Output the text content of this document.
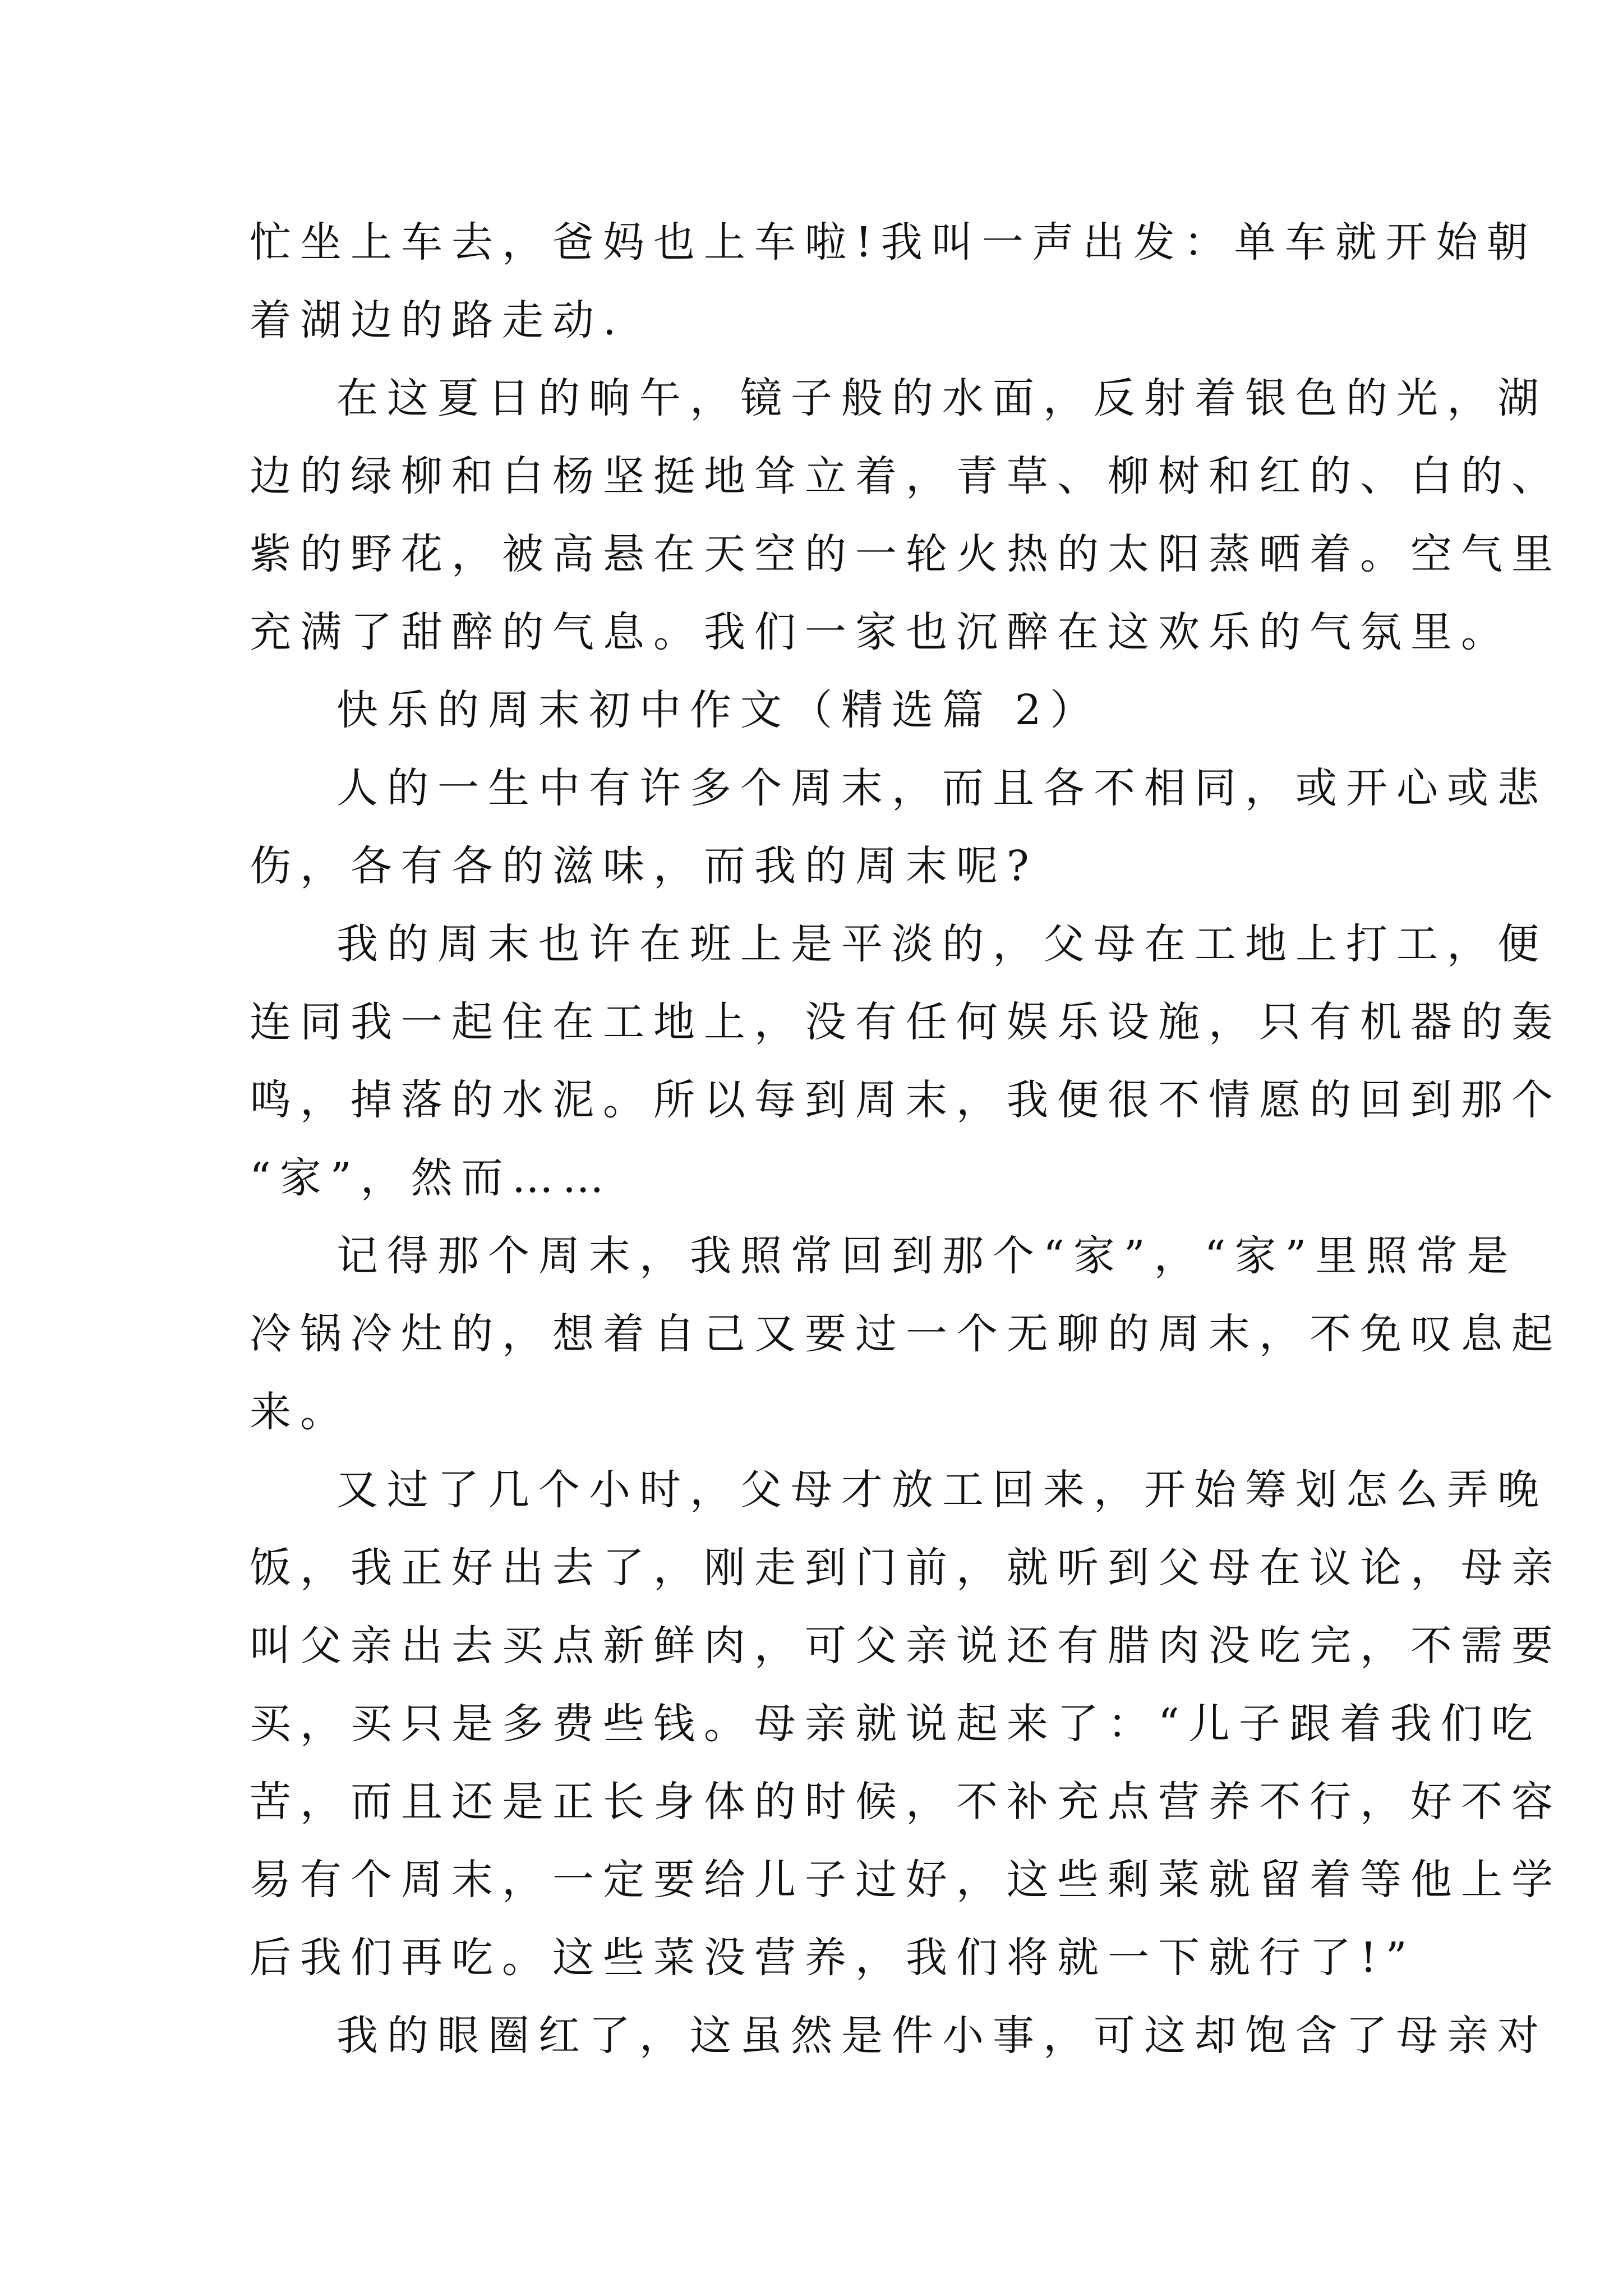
忙坐上车去，爸妈也上车啦!我叫一声出发：单车就开始朝

着湖边的路走动.

在这夏日的晌午，镜子般的水面，反射着银色的光，湖

边的绿柳和白杨坚挺地耸立着，青草、柳树和红的、白的、

紫的野花，被高悬在天空的一轮火热的太阳蒸晒着。空气里

充满了甜醉的气息。我们一家也沉醉在这欢乐的气氛里。

快乐的周末初中作文（精选篇 2）

人的一生中有许多个周末，而且各不相同，或开心或悲

伤，各有各的滋味，而我的周末呢?

我的周末也许在班上是平淡的，父母在工地上打工，便

连同我一起住在工地上，没有任何娱乐设施，只有机器的轰

鸣，掉落的水泥。所以每到周末，我便很不情愿的回到那个

“家”，然而……

记得那个周末，我照常回到那个“家”，“家”里照常是

冷锅冷灶的，想着自己又要过一个无聊的周末，不免叹息起

来。

又过了几个小时，父母才放工回来，开始筹划怎么弄晚

饭，我正好出去了，刚走到门前，就听到父母在议论，母亲

叫父亲出去买点新鲜肉，可父亲说还有腊肉没吃完，不需要

买，买只是多费些钱。母亲就说起来了：“儿子跟着我们吃

苦，而且还是正长身体的时候，不补充点营养不行，好不容

易有个周末，一定要给儿子过好，这些剩菜就留着等他上学

后我们再吃。这些菜没营养，我们将就一下就行了!”

我的眼圈红了，这虽然是件小事，可这却饱含了母亲对
